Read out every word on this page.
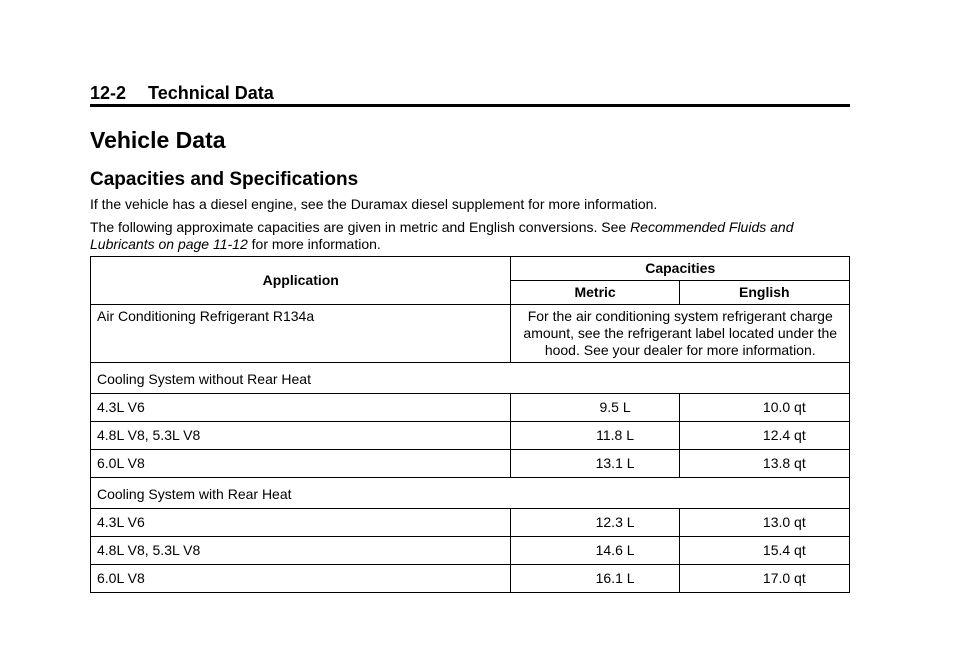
12-2 Technical Data
Vehicle Data
Capacities and Specifications

If the vehicle has a diesel engine, see the Duramax diesel supplement for more information.

The following approximate capacities are given in metric and English conversions. See Recommended Fluids and Lubricants on page 11-12 for more information.

Application	Capacities	
	Metric	English
Air Conditioning Refrigerant R134a	For the air conditioning system refrigerant charge amount, see the refrigerant label located under the hood. See your dealer for more information.	
Cooling System without Rear Heat		
4.3L V6	9.5 L	10.0 qt
4.8L V8, 5.3L V8	11.8 L	12.4 qt
6.0L V8	13.1 L	13.8 qt
Cooling System with Rear Heat		
4.3L V6	12.3 L	13.0 qt
4.8L V8, 5.3L V8	14.6 L	15.4 qt
6.0L V8	16.1 L	17.0 qt
